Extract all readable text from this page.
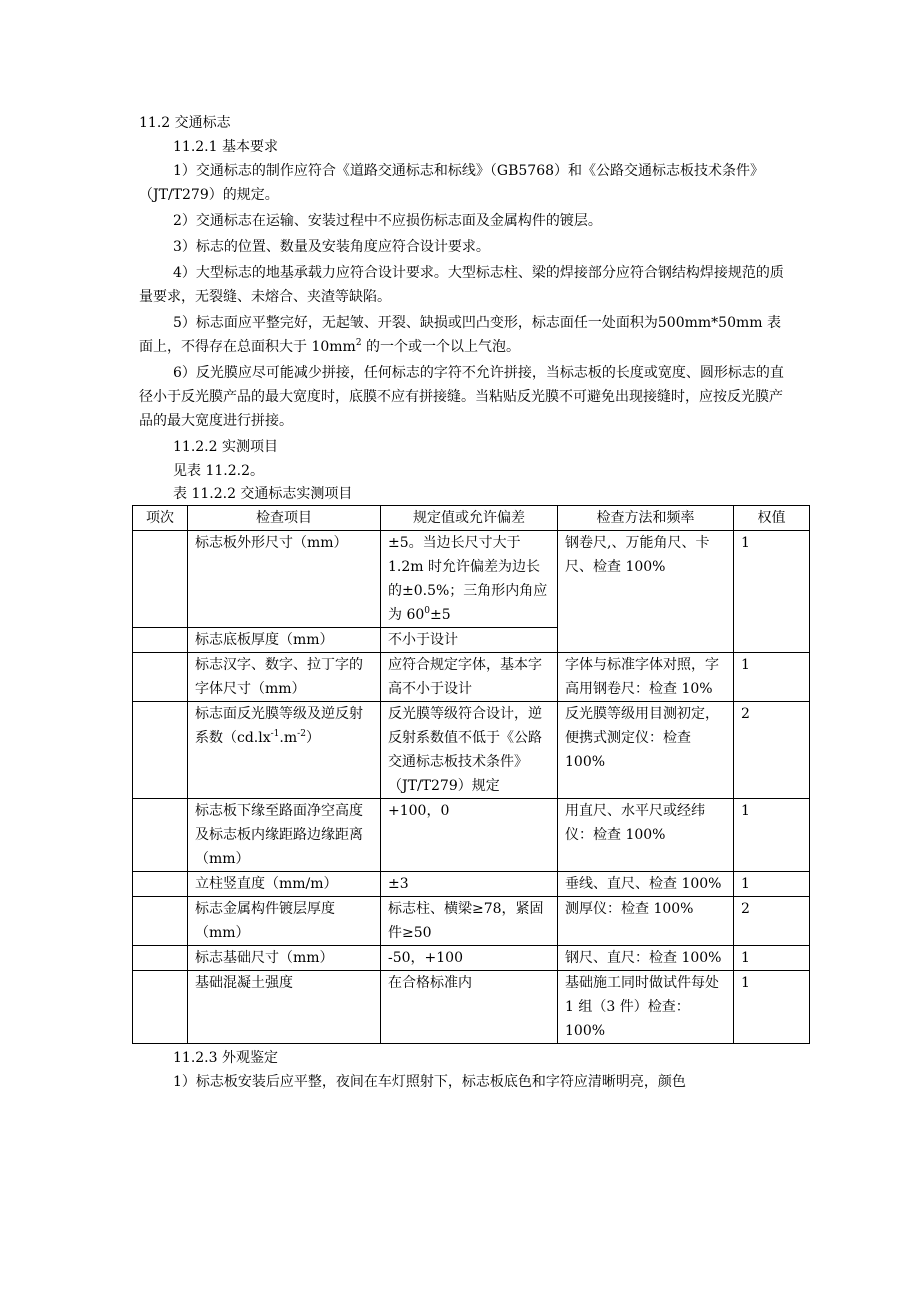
11.2 交通标志

11.2.1 基本要求

1）交通标志的制作应符合《道路交通标志和标线》（GB5768）和《公路交通标志板技术条件》（JT/T279）的规定。

2）交通标志在运输、安装过程中不应损伤标志面及金属构件的镀层。

3）标志的位置、数量及安装角度应符合设计要求。

4）大型标志的地基承载力应符合设计要求。大型标志柱、梁的焊接部分应符合钢结构焊接规范的质量要求，无裂缝、未熔合、夹渣等缺陷。

5）标志面应平整完好，无起皱、开裂、缺损或凹凸变形，标志面任一处面积为500mm*50mm 表面上，不得存在总面积大于 $10mm^2$ 的一个或一个以上气泡。

6）反光膜应尽可能减少拼接，任何标志的字符不允许拼接，当标志板的长度或宽度、圆形标志的直径小于反光膜产品的最大宽度时，底膜不应有拼接缝。当粘贴反光膜不可避免出现接缝时，应按反光膜产品的最大宽度进行拼接。

11.2.2 实测项目

见表 11.2.2。

表 11.2.2 交通标志实测项目

项次	检查项目	规定值或允许偏差	检查方法和频率	权值
	标志板外形尺寸（mm）	±5。当边长尺寸大于 1.2m 时允许偏差为边长的±0.5%；三角形内角应为 $60^0\pm 5$	钢卷尺,、万能角尺、卡尺、检查 100%	1
	标志底板厚度（mm）	不小于设计		
	标志汉字、数字、拉丁字的字体尺寸（mm）	应符合规定字体，基本字高不小于设计	字体与标准字体对照，字高用钢卷尺：检查 10%	1
	标志面反光膜等级及逆反射系数$(cd.lx^{-1}.m^{-2})$	反光膜等级符合设计，逆反射系数值不低于《公路交通标志板技术条件》（JT/T279）规定	反光膜等级用目测初定，便携式测定仪：检查 100%	2
	标志板下缘至路面净空高度及标志板内缘距路边缘距离（mm）	+100，0	用直尺、水平尺或经纬仪：检查 100%	1
	立柱竖直度（mm/m）	±3	垂线、直尺、检查 100%	1
	标志金属构件镀层厚度（mm）	标志柱、横梁≥78，紧固件≥50	测厚仪：检查 100%	2
	标志基础尺寸（mm）	-50，+100	钢尺、直尺：检查 100%	1
	基础混凝土强度	在合格标准内	基础施工同时做试件每处 1 组（3 件）检查：100%	1

11.2.3 外观鉴定

1）标志板安装后应平整，夜间在车灯照射下，标志板底色和字符应清晰明亮，颜色
